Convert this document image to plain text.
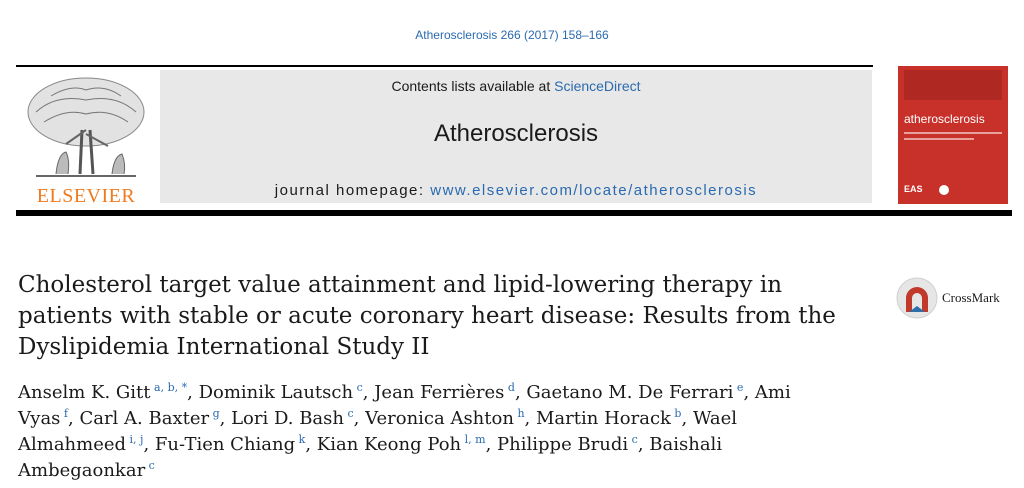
Atherosclerosis 266 (2017) 158–166
ELSEVIER
Contents lists available at ScienceDirect
Atherosclerosis
journal homepage: www.elsevier.com/locate/atherosclerosis
atherosclerosis
EAS
Cholesterol target value attainment and lipid-lowering therapy in patients with stable or acute coronary heart disease: Results from the Dyslipidemia International Study II
CrossMark
Anselm K. Gitt $^{a, b, *}$, Dominik Lautsch $^c$, Jean Ferrières $^d$, Gaetano M. De Ferrari $^e$, Ami Vyas $^f$, Carl A. Baxter $^g$, Lori D. Bash $^c$, Veronica Ashton $^h$, Martin Horack $^b$, Wael Almahmeed $^{i, j}$, Fu-Tien Chiang $^k$, Kian Keong Poh $^{l, m}$, Philippe Brudi $^c$, Baishali Ambegaonkar $^c$
